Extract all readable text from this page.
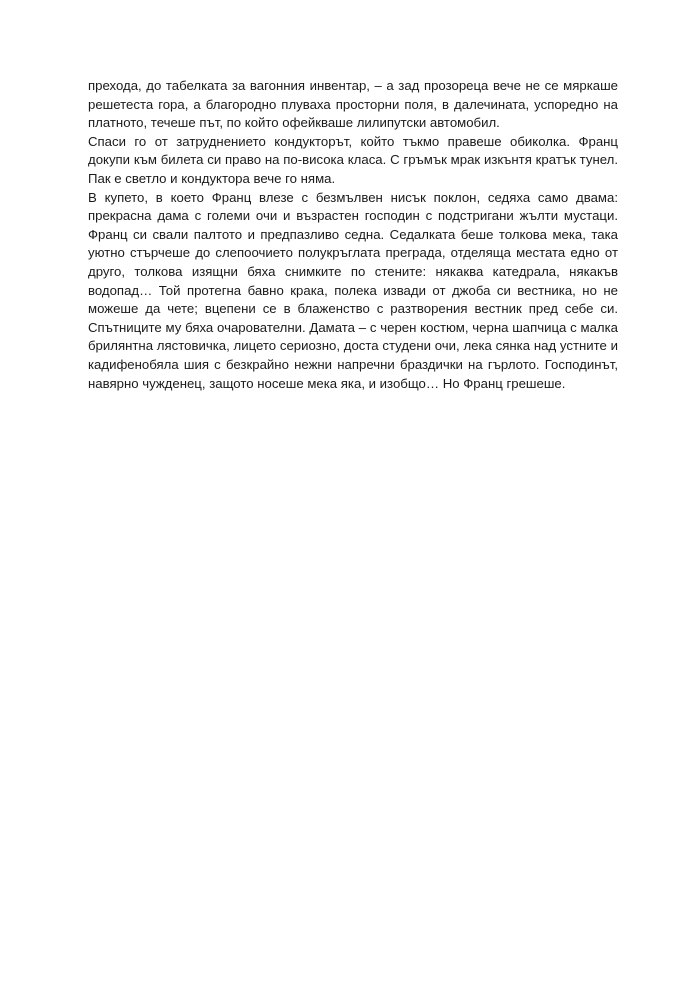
прехода, до табелката за вагонния инвентар, – а зад прозореца вече не се мяркаше решетеста гора, а благородно плуваха просторни поля, в далечината, успоредно на платното, течеше път, по който офейкваше лилипутски автомобил.

Спаси го от затруднението кондукторът, който тъкмо правеше обиколка. Франц докупи към билета си право на по-висока класа. С гръмък мрак изкънтя кратък тунел. Пак е светло и кондуктора вече го няма.

В купето, в което Франц влезе с безмълвен нисък поклон, седяха само двама: прекрасна дама с големи очи и възрастен господин с подстригани жълти мустаци. Франц си свали палтото и предпазливо седна. Седалката беше толкова мека, така уютно стърчеше до слепоочието полукръглата преграда, отделяща местата едно от друго, толкова изящни бяха снимките по стените: някаква катедрала, някакъв водопад… Той протегна бавно крака, полека извади от джоба си вестника, но не можеше да чете; вцепени се в блаженство с разтворения вестник пред себе си. Спътниците му бяха очарователни. Дамата – с черен костюм, черна шапчица с малка брилянтна лястовичка, лицето сериозно, доста студени очи, лека сянка над устните и кадифенобяла шия с безкрайно нежни напречни браздички на гърлото. Господинът, навярно чужденец, защото носеше мека яка, и изобщо… Но Франц грешеше.
